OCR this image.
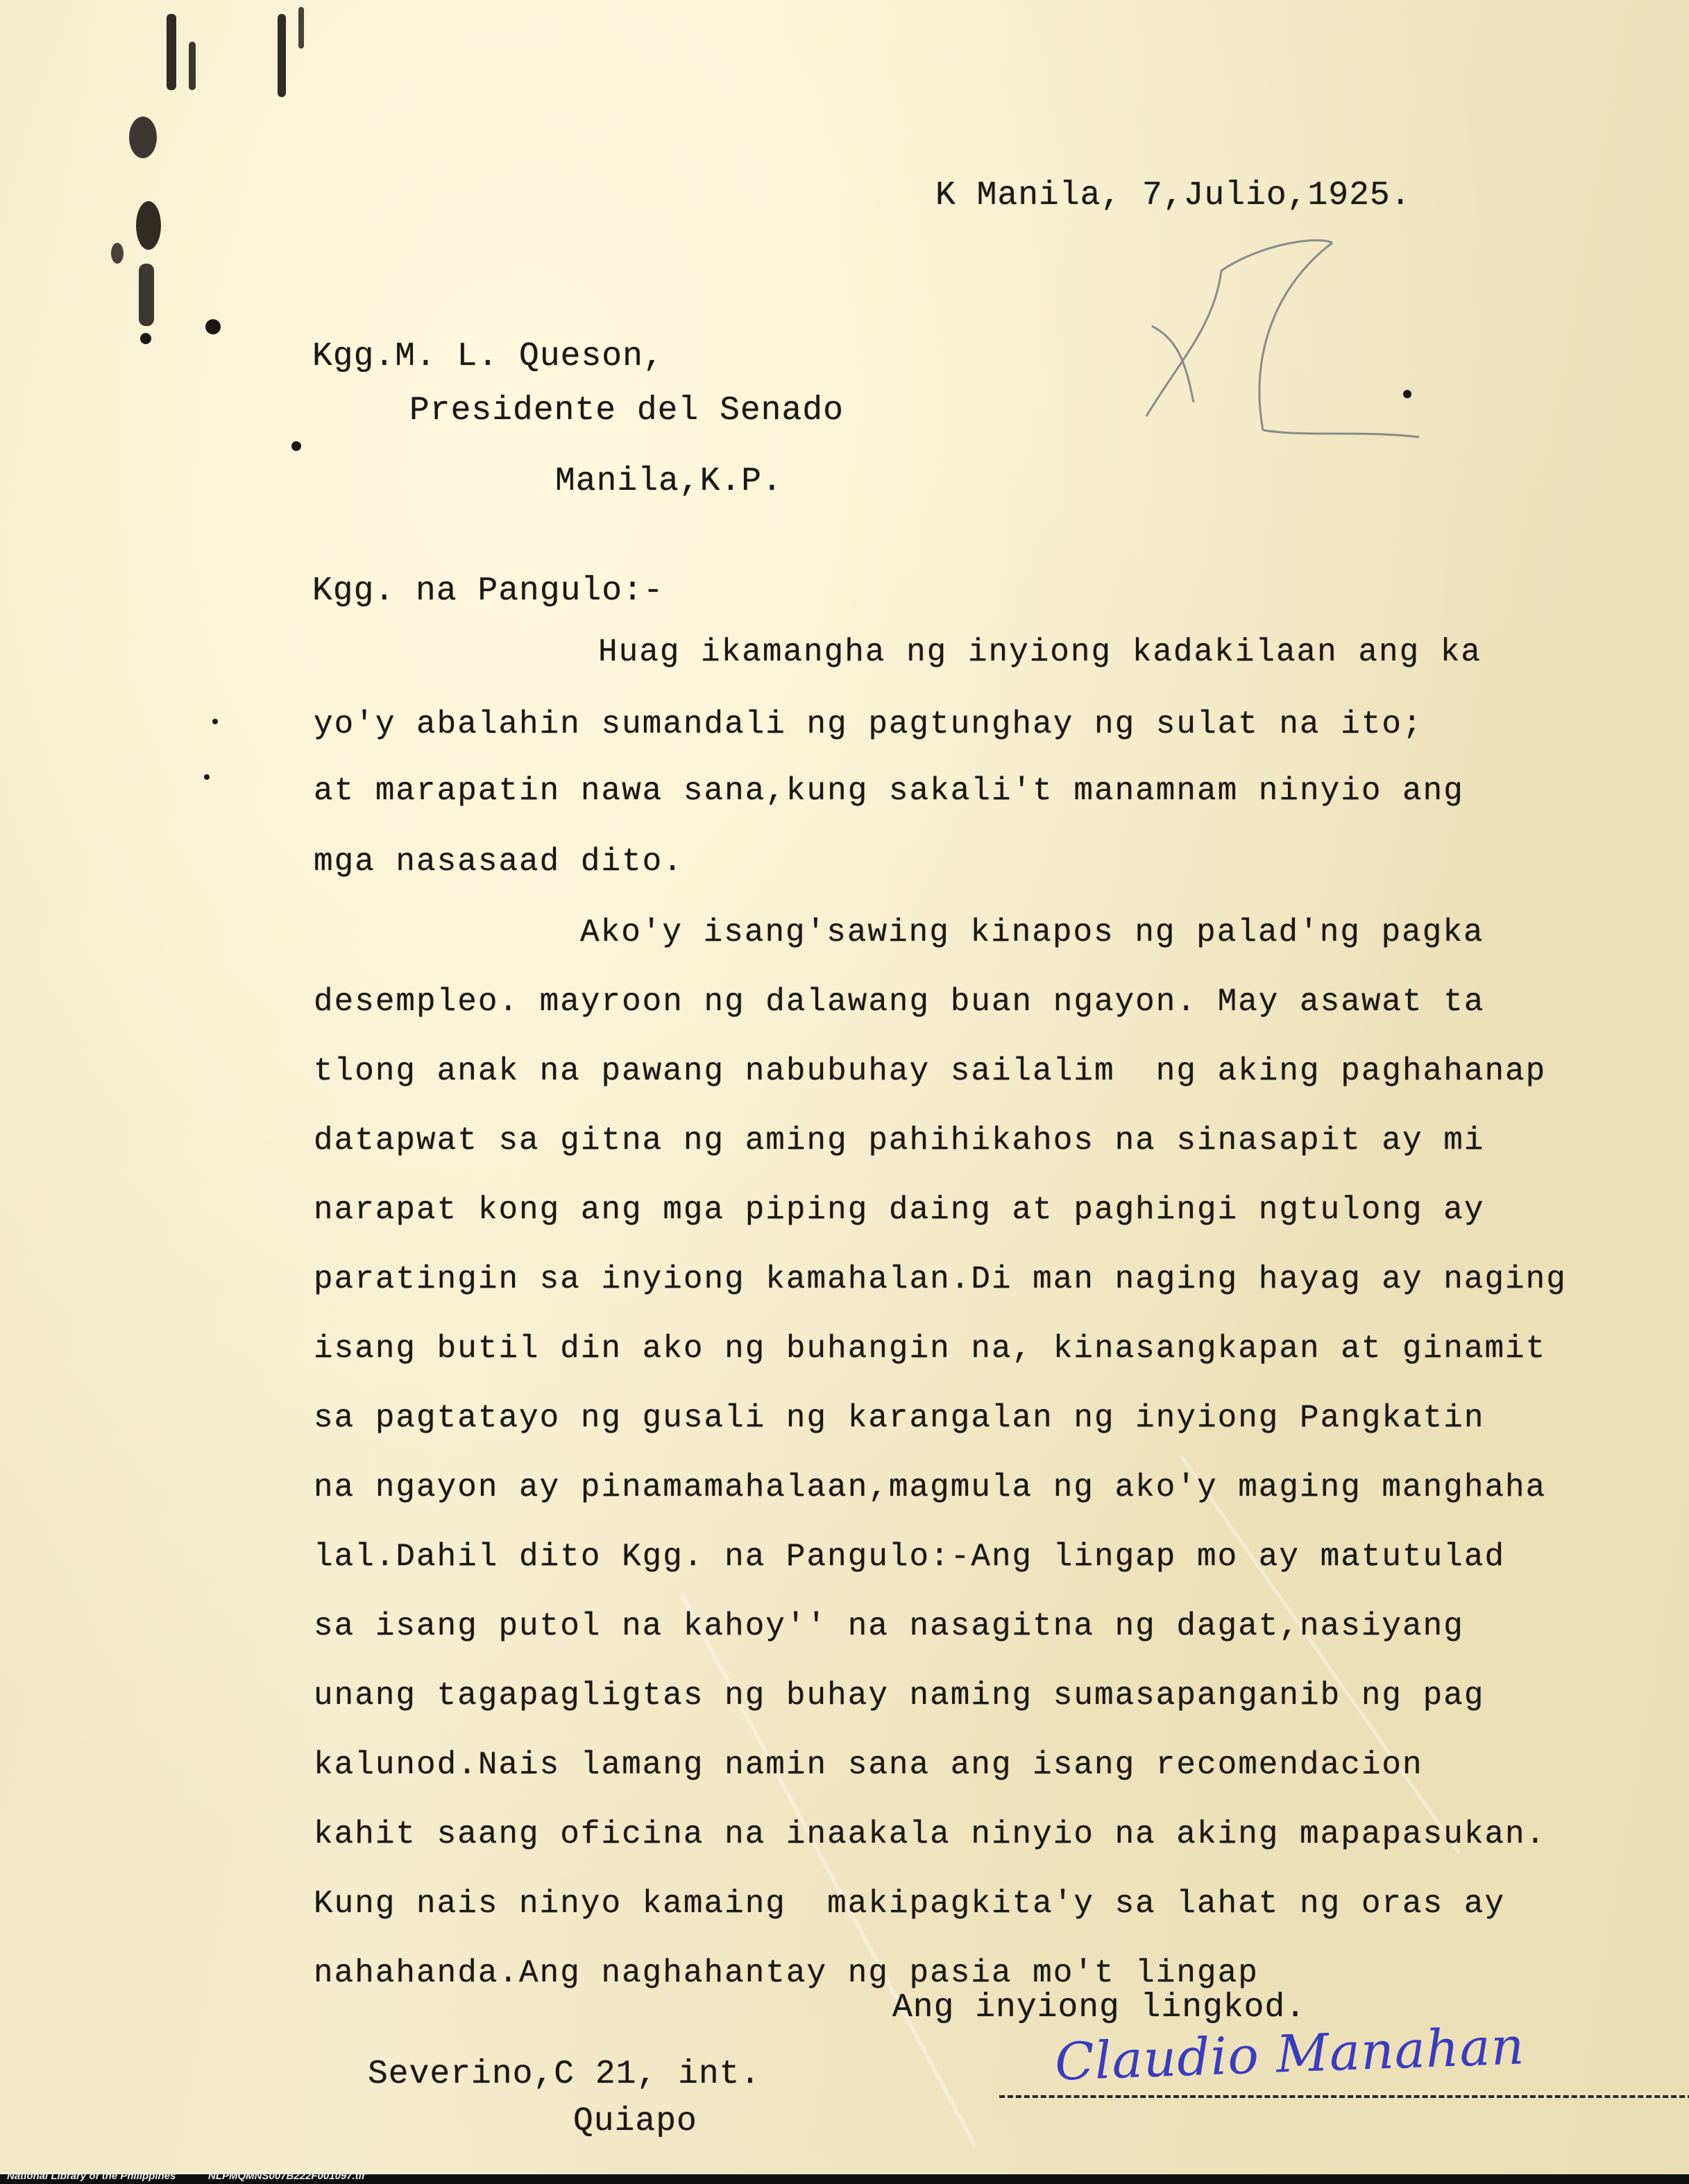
K Manila, 7,Julio,1925.
Kgg.M. L. Queson,
Presidente del Senado
Manila,K.P.
Kgg. na Pangulo:-
Huag ikamangha ng inyiong kadakilaan ang ka
yo'y abalahin sumandali ng pagtunghay ng sulat na ito;
at marapatin nawa sana,kung sakali't manamnam ninyio ang
mga nasasaad dito.
Ako'y isang'sawing kinapos ng palad'ng pagka
desempleo. mayroon ng dalawang buan ngayon. May asawat ta
tlong anak na pawang nabubuhay sailalim  ng aking paghahanap
datapwat sa gitna ng aming pahihikahos na sinasapit ay mi
narapat kong ang mga piping daing at paghingi ngtulong ay
paratingin sa inyiong kamahalan.Di man naging hayag ay naging
isang butil din ako ng buhangin na, kinasangkapan at ginamit
sa pagtatayo ng gusali ng karangalan ng inyiong Pangkatin
na ngayon ay pinamamahalaan,magmula ng ako'y maging manghaha
lal.Dahil dito Kgg. na Pangulo:-Ang lingap mo ay matutulad
sa isang putol na kahoy'' na nasagitna ng dagat,nasiyang
unang tagapagligtas ng buhay naming sumasapanganib ng pag
kalunod.Nais lamang namin sana ang isang recomendacion
kahit saang oficina na inaakala ninyio na aking mapapasukan.
Kung nais ninyo kamaing  makipagkita'y sa lahat ng oras ay
nahahanda.Ang naghahantay ng pasia mo't lingap
Ang inyiong lingkod.
Severino,C 21, int.
Quiapo
Claudio Manahan
National Library of the Philippines	NLPMQMNS007B222F001097.tif
